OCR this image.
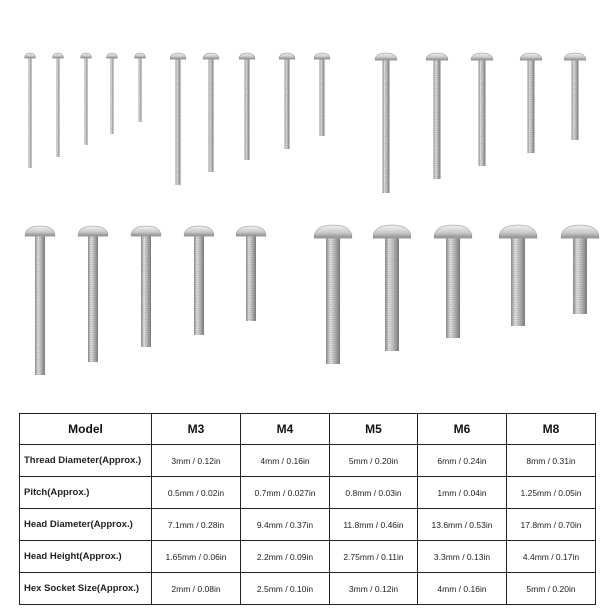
Model	M3	M4	M5	M6	M8
Thread Diameter(Approx.)	3mm / 0.12in	4mm / 0.16in	5mm / 0.20in	6mm / 0.24in	8mm / 0.31in
Pitch(Approx.)	0.5mm / 0.02in	0.7mm / 0.027in	0.8mm / 0.03in	1mm / 0.04in	1.25mm / 0.05in
Head Diameter(Approx.)	7.1mm / 0.28in	9.4mm / 0.37in	11.8mm / 0.46in	13.6mm / 0.53in	17.8mm / 0.70in
Head Height(Approx.)	1.65mm / 0.06in	2.2mm / 0.09in	2.75mm / 0.11in	3.3mm / 0.13in	4.4mm / 0.17in
Hex Socket Size(Approx.)	2mm / 0.08in	2.5mm / 0.10in	3mm / 0.12in	4mm / 0.16in	5mm / 0.20in
